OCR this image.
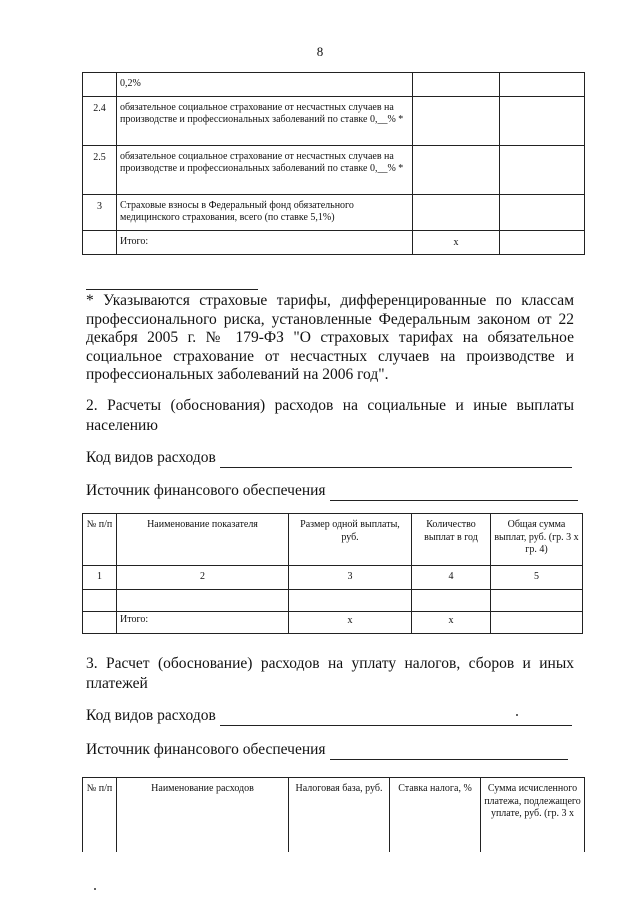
8
	0,2%		
2.4	обязательное социальное страхование от несчастных случаев на производстве и профессиональных заболеваний по ставке 0,__% *		
2.5	обязательное социальное страхование от несчастных случаев на производстве и профессиональных заболеваний по ставке 0,__% *		
3	Страховые взносы в Федеральный фонд обязательного медицинского страхования, всего (по ставке 5,1%)		
	Итого:	х	
* Указываются страховые тарифы, дифференцированные по классам профессионального риска, установленные Федеральным законом от 22 декабря 2005 г. № 179-ФЗ "О страховых тарифах на обязательное социальное страхование от несчастных случаев на производстве и профессиональных заболеваний на 2006 год".
2. Расчеты (обоснования) расходов на социальные и иные выплаты населению
Код видов расходов
Источник финансового обеспечения
№ п/п	Наименование показателя	Размер одной выплаты, руб.	Количество выплат в год	Общая сумма выплат, руб. (гр. 3 х гр. 4)
1	2	3	4	5

	Итого:	х	х	
3. Расчет (обоснование) расходов на уплату налогов, сборов и иных платежей
Код видов расходов
Источник финансового обеспечения
№ п/п	Наименование расходов	Налоговая база, руб.	Ставка налога, %	Сумма исчисленного платежа, подлежащего уплате, руб. (гр. 3 х
